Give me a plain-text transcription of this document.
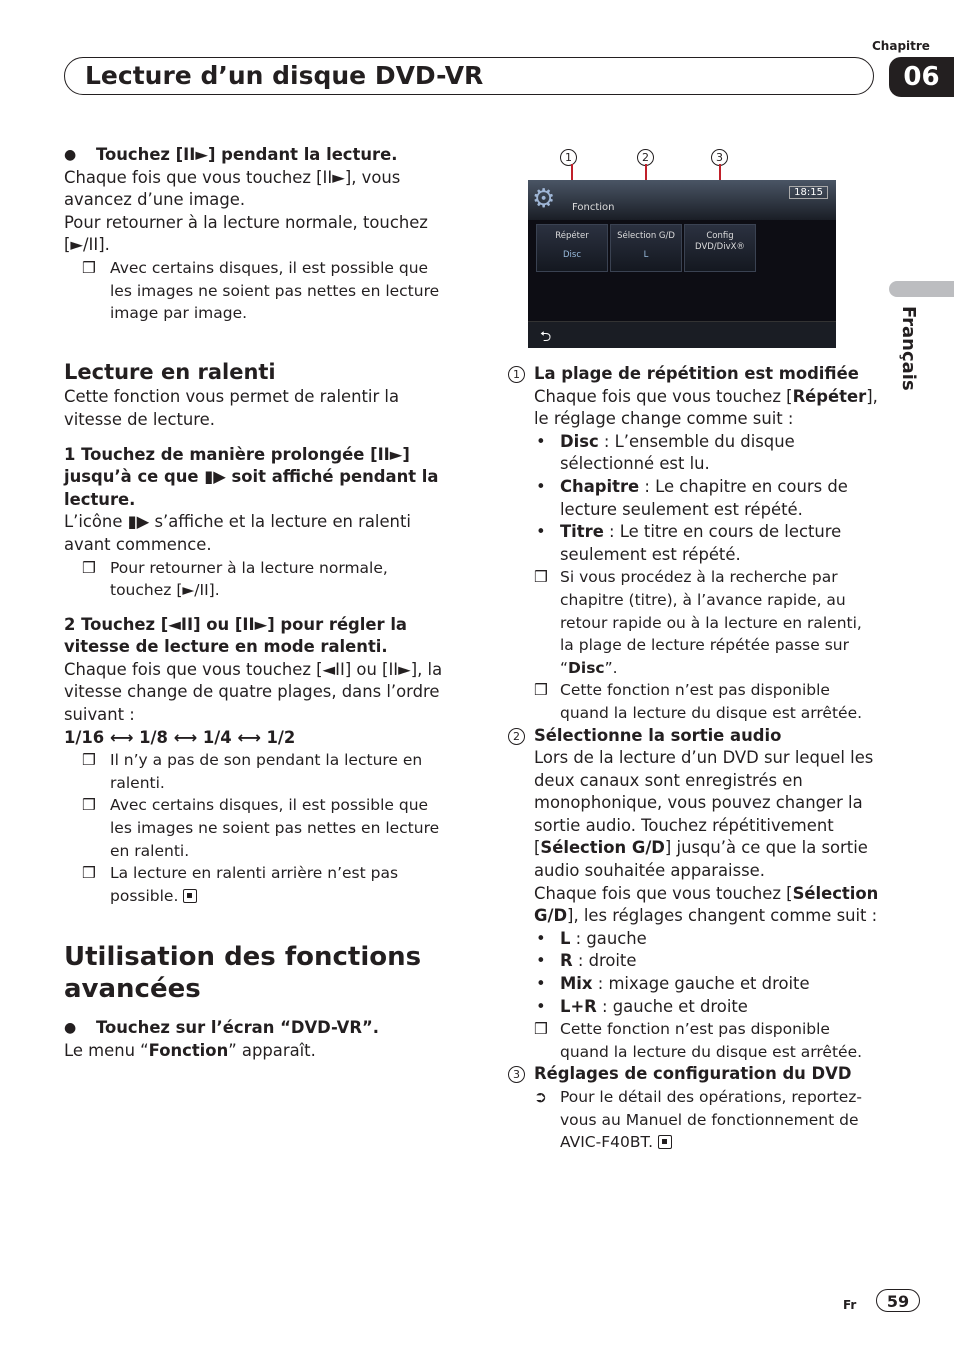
Chapitre
06
Lecture d’un disque DVD-VR
Français

● Touchez [II►] pendant la lecture.

Chaque fois que vous touchez [II►], vous avancez d’une image.

Pour retourner à la lecture normale, touchez [►/II].

❒ Avec certains disques, il est possible que les images ne soient pas nettes en lecture image par image.

Lecture en ralenti

Cette fonction vous permet de ralentir la vitesse de lecture.

1 Touchez de manière prolongée [II►] jusqu’à ce que ▮▶ soit affiché pendant la lecture.

L’icône ▮▶ s’affiche et la lecture en ralenti avant commence.

❒ Pour retourner à la lecture normale, touchez [►/II].

2 Touchez [◄II] ou [II►] pour régler la vitesse de lecture en mode ralenti.

Chaque fois que vous touchez [◄II] ou [II►], la vitesse change de quatre plages, dans l’ordre suivant :

1/16 ⟷ 1/8 ⟷ 1/4 ⟷ 1/2

❒ Il n’y a pas de son pendant la lecture en ralenti.

❒ Avec certains disques, il est possible que les images ne soient pas nettes en lecture en ralenti.

❒ La lecture en ralenti arrière n’est pas possible.

Utilisation des fonctions avancées

● Touchez sur l’écran “DVD-VR”.

Le menu “Fonction” apparaît.

1	2	3
⚙ Fonction
18:15
Répéter
Disc
Sélection G/D
L
Config DVD/DivX®
⮌

1 La plage de répétition est modifiée

Chaque fois que vous touchez [Répéter], le réglage change comme suit :

• Disc : L’ensemble du disque sélectionné est lu.

• Chapitre : Le chapitre en cours de lecture seulement est répété.

• Titre : Le titre en cours de lecture seulement est répété.

❒ Si vous procédez à la recherche par chapitre (titre), à l’avance rapide, au retour rapide ou à la lecture en ralenti, la plage de lecture répétée passe sur “Disc”.

❒ Cette fonction n’est pas disponible quand la lecture du disque est arrêtée.

2 Sélectionne la sortie audio

Lors de la lecture d’un DVD sur lequel les deux canaux sont enregistrés en monophonique, vous pouvez changer la sortie audio. Touchez répétitivement [Sélection G/D] jusqu’à ce que la sortie audio souhaitée apparaisse.

Chaque fois que vous touchez [Sélection G/D], les réglages changent comme suit :

• L : gauche

• R : droite

• Mix : mixage gauche et droite

• L+R : gauche et droite

❒ Cette fonction n’est pas disponible quand la lecture du disque est arrêtée.

3 Réglages de configuration du DVD

➲ Pour le détail des opérations, reportez-vous au Manuel de fonctionnement de AVIC-F40BT.

Fr	59
